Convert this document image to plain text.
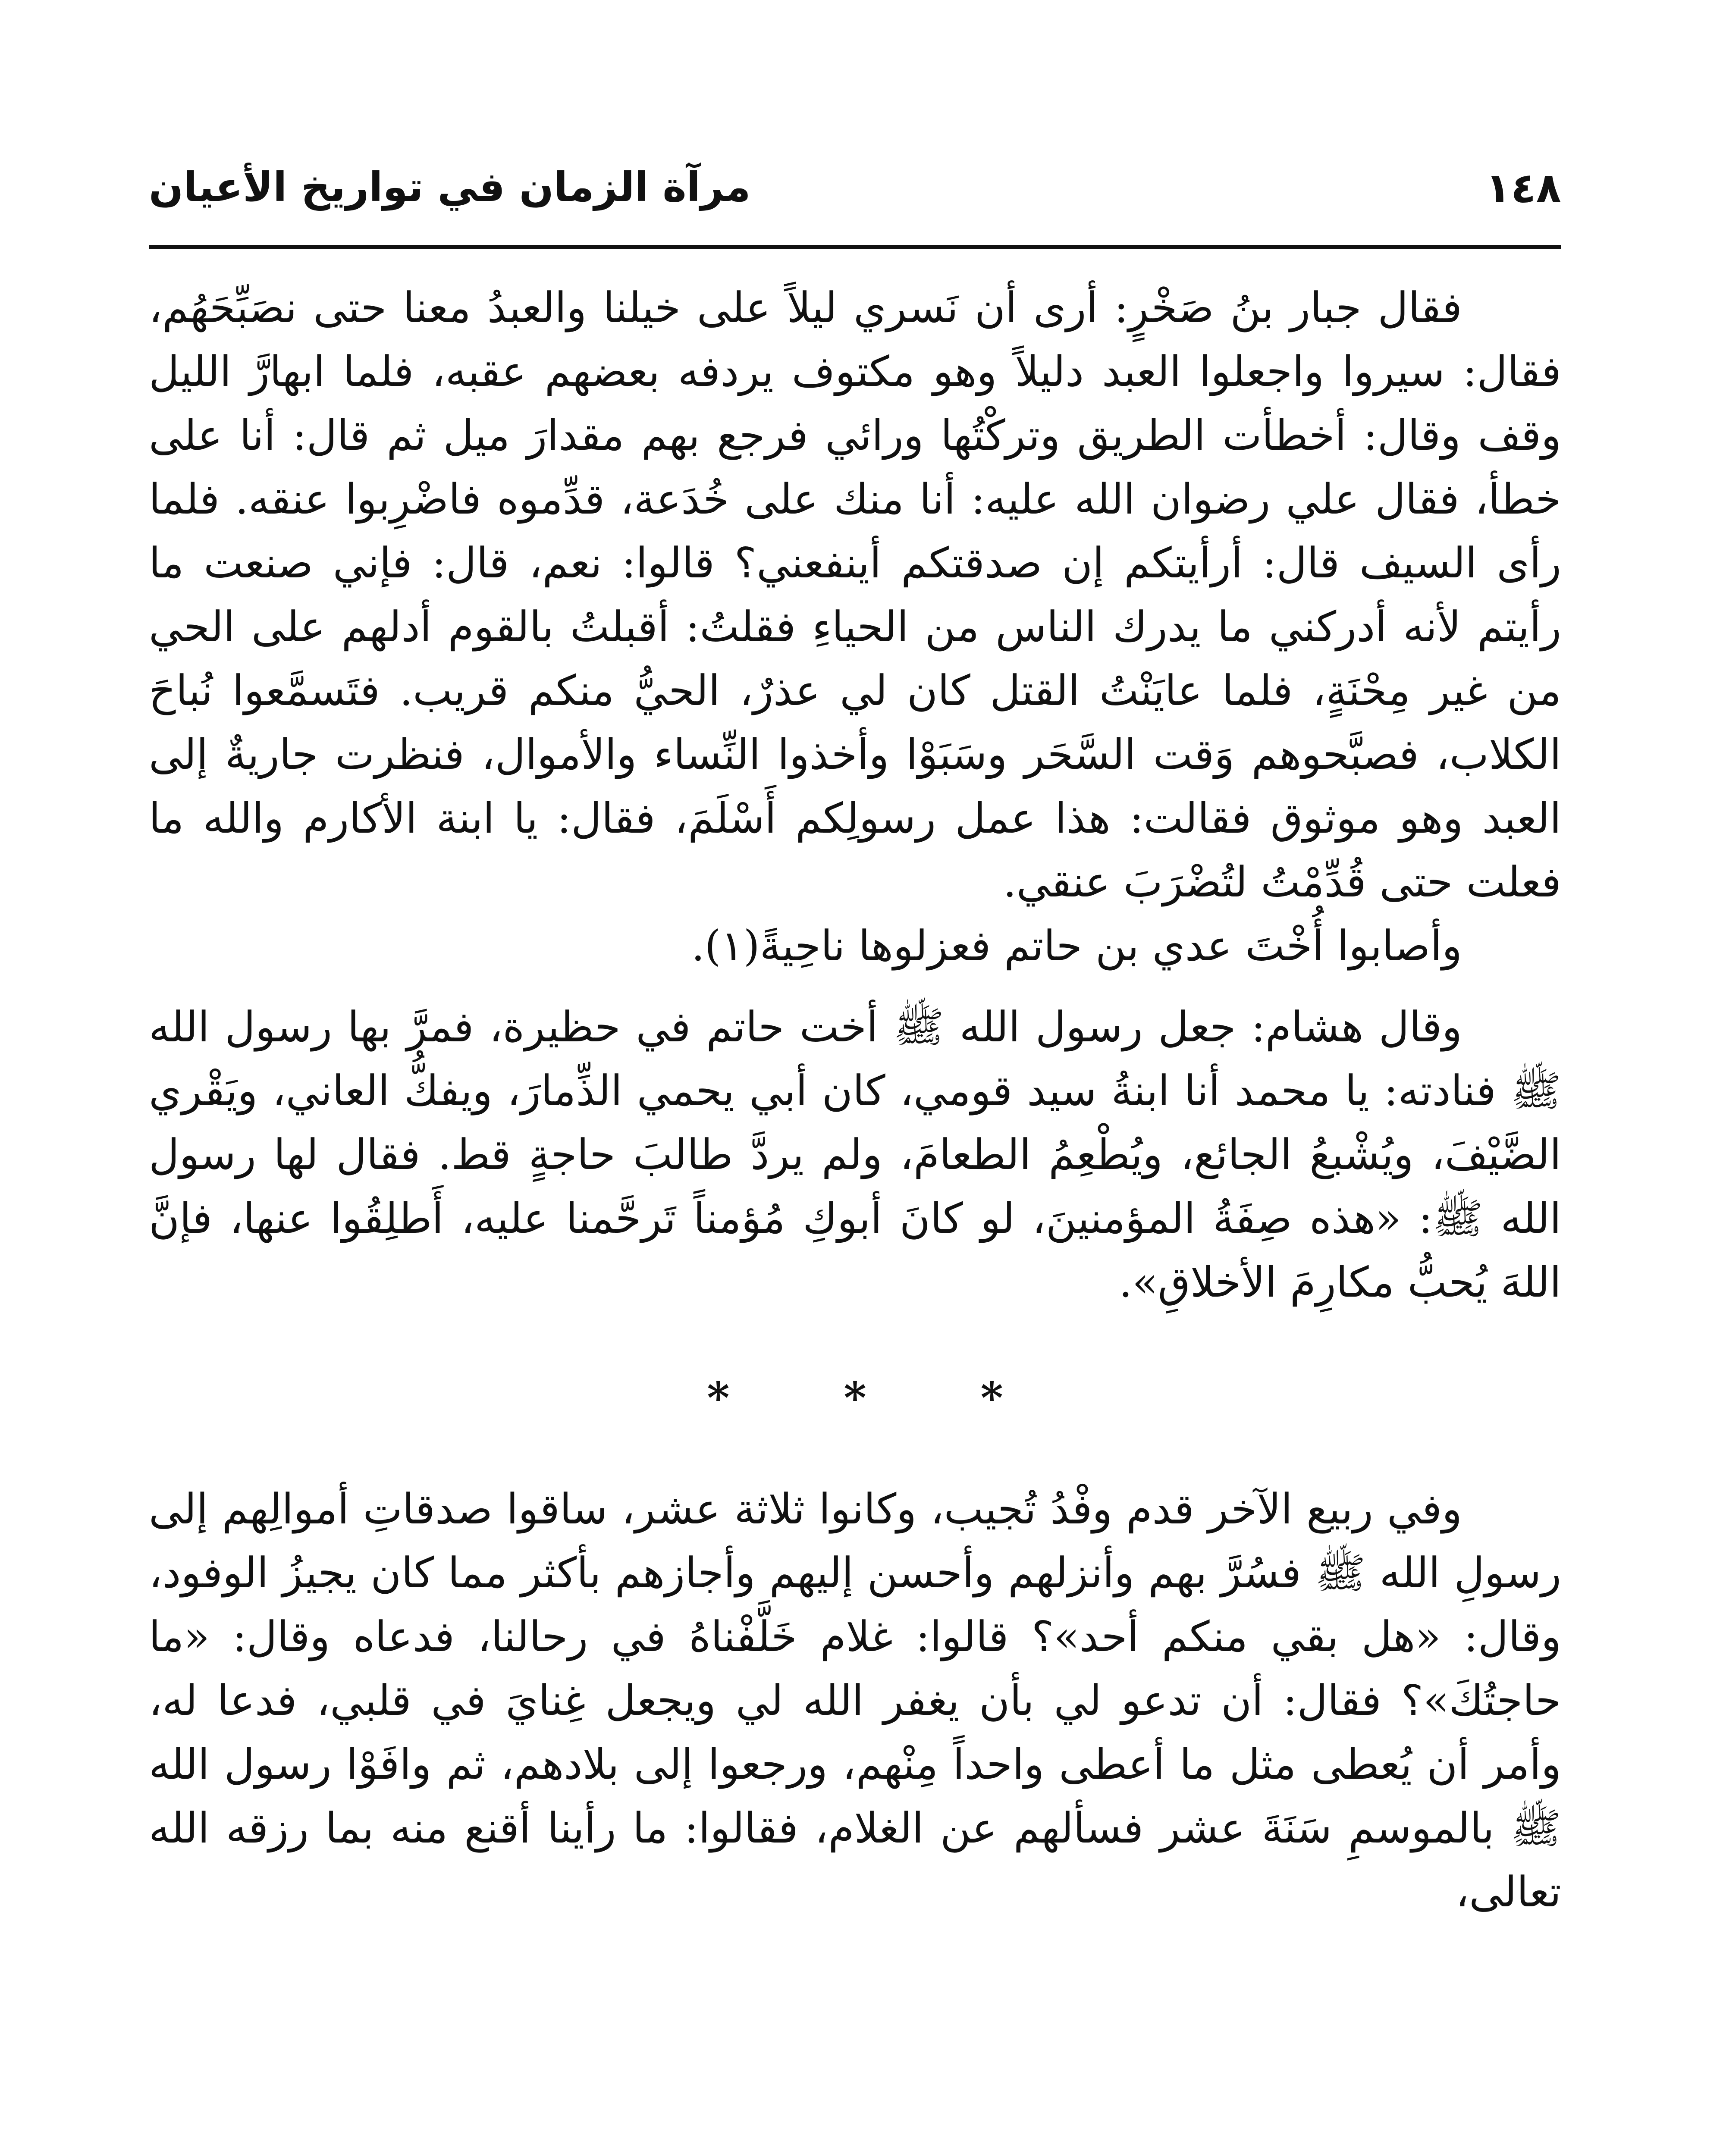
١٤٨
مرآة الزمان في تواريخ الأعيان

فقال جبار بنُ صَخْرٍ: أرى أن نَسري ليلاً على خيلنا والعبدُ معنا حتى نصَبِّحَهُم، فقال: سيروا واجعلوا العبد دليلاً وهو مكتوف يردفه بعضهم عقبه، فلما ابهارَّ الليل وقف وقال: أخطأت الطريق وتركْتُها ورائي فرجع بهم مقدارَ ميل ثم قال: أنا على خطأ، فقال علي رضوان الله عليه: أنا منك على خُدَعة، قدِّموه فاضْرِبوا عنقه. فلما رأى السيف قال: أرأيتكم إن صدقتكم أينفعني؟ قالوا: نعم، قال: فإني صنعت ما رأيتم لأنه أدركني ما يدرك الناس من الحياءِ فقلتُ: أقبلتُ بالقوم أدلهم على الحي من غير مِحْنَةٍ، فلما عايَنْتُ القتل كان لي عذرٌ، الحيُّ منكم قريب. فتَسمَّعوا نُباحَ الكلاب، فصبَّحوهم وَقت السَّحَر وسَبَوْا وأخذوا النِّساء والأموال، فنظرت جاريةٌ إلى العبد وهو موثوق فقالت: هذا عمل رسولِكم أَسْلَمَ، فقال: يا ابنة الأكارم والله ما فعلت حتى قُدِّمْتُ لتُضْرَبَ عنقي.

وأصابوا أُخْتَ عدي بن حاتم فعزلوها ناحِيةً(١).

وقال هشام: جعل رسول الله ﷺ أخت حاتم في حظيرة، فمرَّ بها رسول الله ﷺ فنادته: يا محمد أنا ابنةُ سيد قومي، كان أبي يحمي الذِّمارَ، ويفكُّ العاني، ويَقْري الضَّيْفَ، ويُشْبعُ الجائع، ويُطْعِمُ الطعامَ، ولم يردَّ طالبَ حاجةٍ قط. فقال لها رسول الله ﷺ: «هذه صِفَةُ المؤمنينَ، لو كانَ أبوكِ مُؤمناً تَرحَّمنا عليه، أَطلِقُوا عنها، فإنَّ اللهَ يُحبُّ مكارِمَ الأخلاقِ».

* * *

وفي ربيع الآخر قدم وفْدُ تُجيب، وكانوا ثلاثة عشر، ساقوا صدقاتِ أموالِهم إلى رسولِ الله ﷺ فسُرَّ بهم وأنزلهم وأحسن إليهم وأجازهم بأكثر مما كان يجيزُ الوفود، وقال: «هل بقي منكم أحد»؟ قالوا: غلام خَلَّفْناهُ في رحالنا، فدعاه وقال: «ما حاجتُكَ»؟ فقال: أن تدعو لي بأن يغفر الله لي ويجعل غِنايَ في قلبي، فدعا له، وأمر أن يُعطى مثل ما أعطى واحداً مِنْهم، ورجعوا إلى بلادهم، ثم وافَوْا رسول الله ﷺ بالموسمِ سَنَةَ عشر فسألهم عن الغلام، فقالوا: ما رأينا أقنع منه بما رزقه الله تعالى،
